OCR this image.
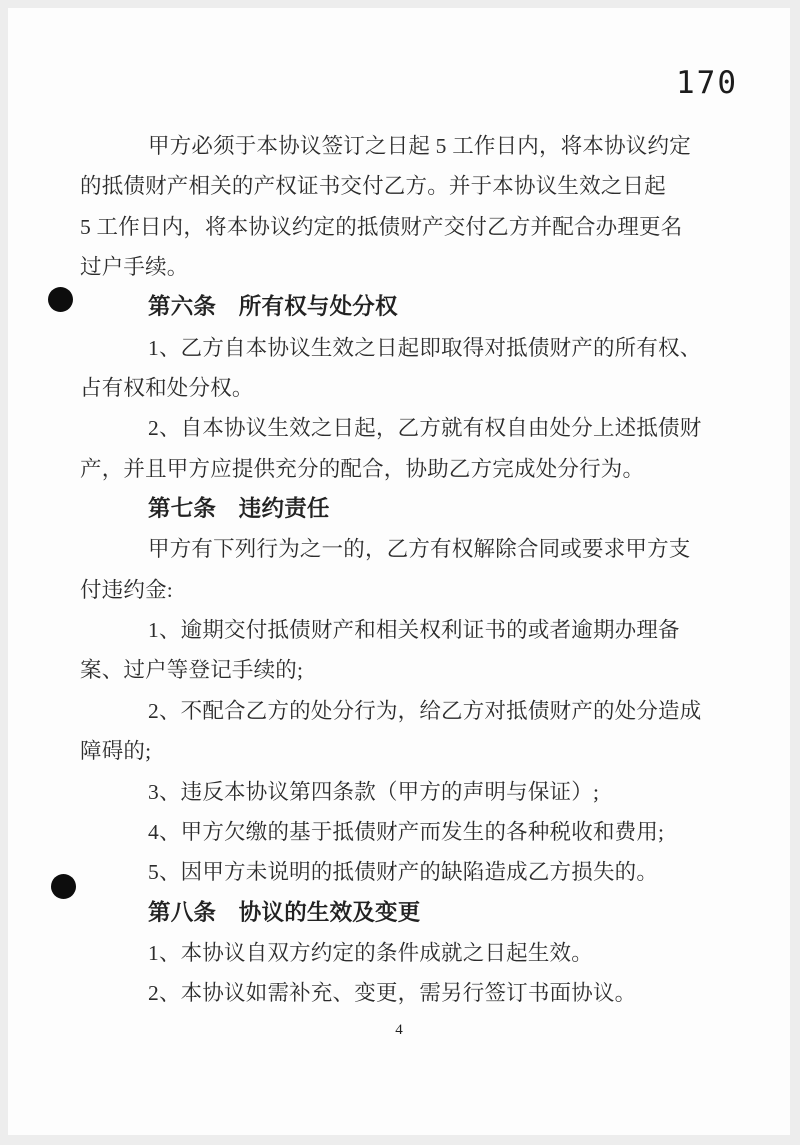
170
甲方必须于本协议签订之日起 5 工作日内，将本协议约定
的抵债财产相关的产权证书交付乙方。并于本协议生效之日起
5 工作日内，将本协议约定的抵债财产交付乙方并配合办理更名
过户手续。
第六条　所有权与处分权
1、乙方自本协议生效之日起即取得对抵债财产的所有权、
占有权和处分权。
2、自本协议生效之日起，乙方就有权自由处分上述抵债财
产，并且甲方应提供充分的配合，协助乙方完成处分行为。
第七条　违约责任
甲方有下列行为之一的，乙方有权解除合同或要求甲方支
付违约金:
1、逾期交付抵债财产和相关权利证书的或者逾期办理备
案、过户等登记手续的;
2、不配合乙方的处分行为，给乙方对抵债财产的处分造成
障碍的;
3、违反本协议第四条款（甲方的声明与保证）;
4、甲方欠缴的基于抵债财产而发生的各种税收和费用;
5、因甲方未说明的抵债财产的缺陷造成乙方损失的。
第八条　协议的生效及变更
1、本协议自双方约定的条件成就之日起生效。
2、本协议如需补充、变更，需另行签订书面协议。
4
